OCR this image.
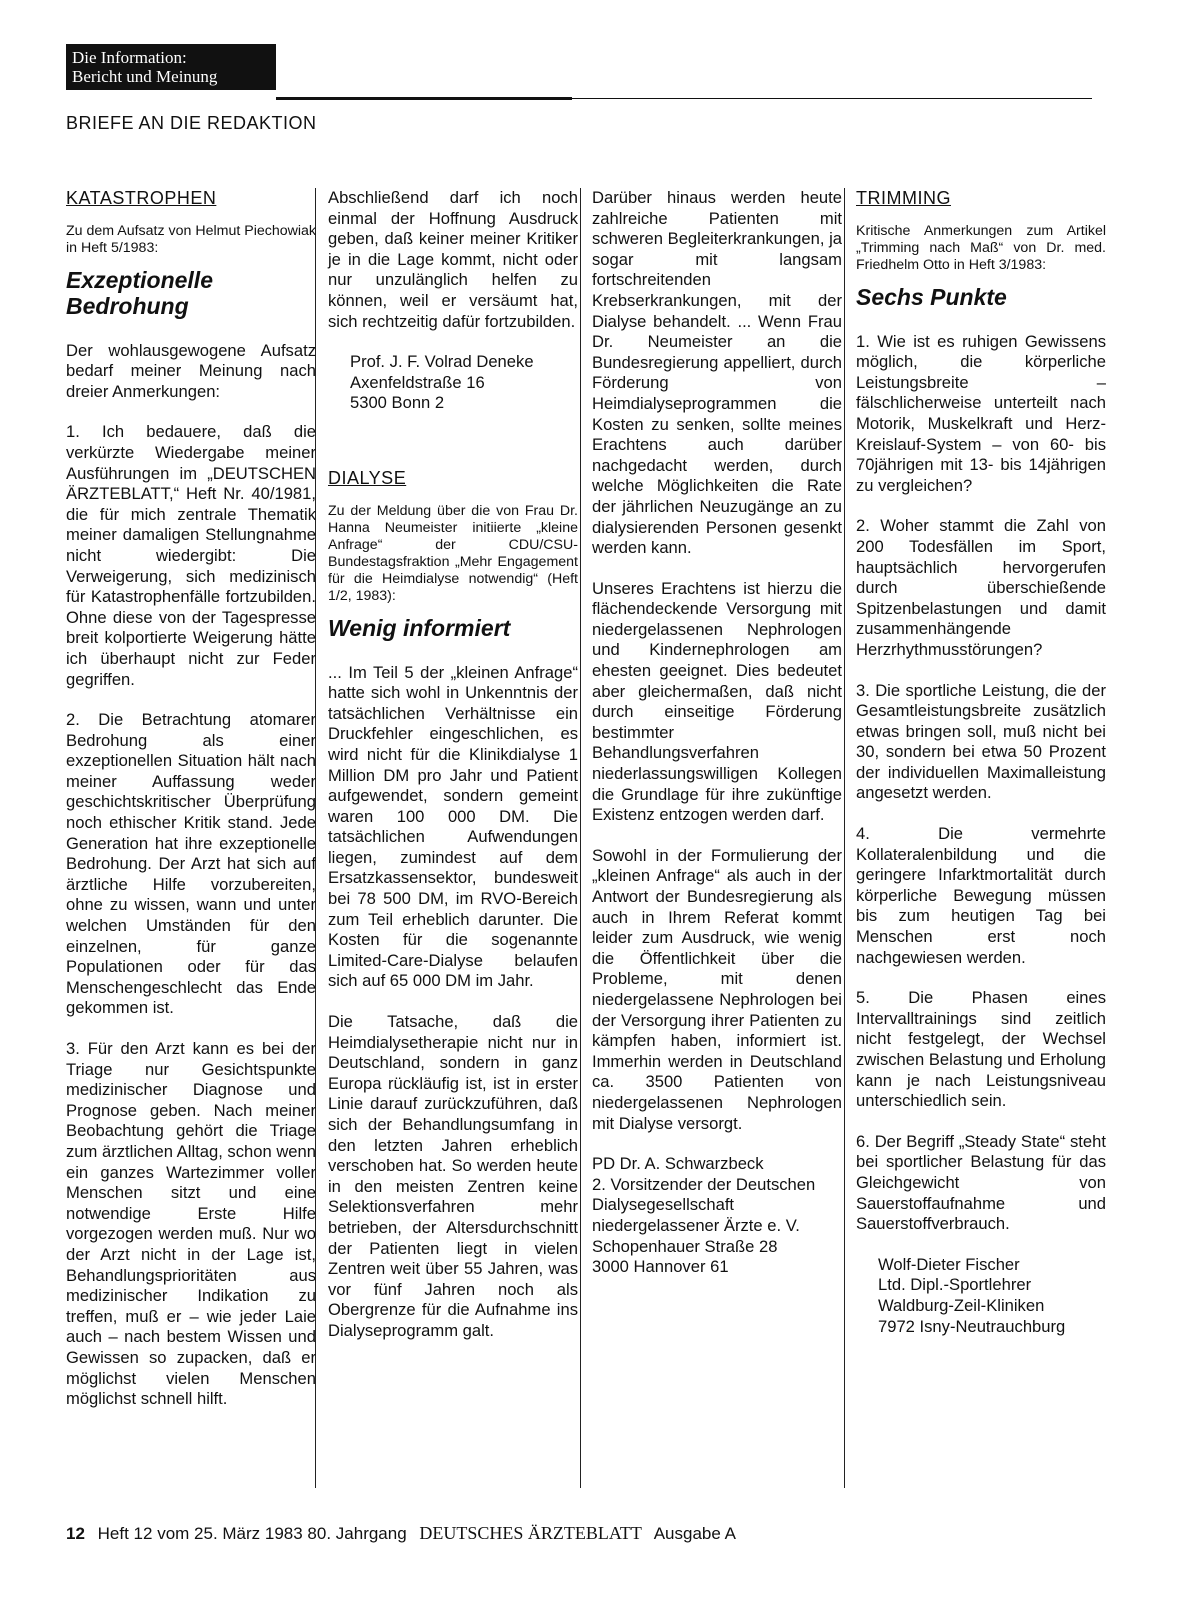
Die Information:
Bericht und Meinung
BRIEFE AN DIE REDAKTION
KATASTROPHEN
Zu dem Aufsatz von Helmut Piechowiak in Heft 5/1983:
Exzeptionelle Bedrohung

Der wohlausgewogene Aufsatz bedarf meiner Meinung nach dreier Anmerkungen:

1. Ich bedauere, daß die verkürzte Wiedergabe meiner Ausführungen im „DEUTSCHEN ÄRZTEBLATT,“ Heft Nr. 40/1981, die für mich zentrale Thematik meiner damaligen Stellungnahme nicht wiedergibt: Die Verweigerung, sich medizinisch für Katastrophenfälle fortzubilden. Ohne diese von der Tagespresse breit kolportierte Weigerung hätte ich überhaupt nicht zur Feder gegriffen.

2. Die Betrachtung atomarer Bedrohung als einer exzeptionellen Situation hält nach meiner Auffassung weder geschichtskritischer Überprüfung noch ethischer Kritik stand. Jede Generation hat ihre exzeptionelle Bedrohung. Der Arzt hat sich auf ärztliche Hilfe vorzubereiten, ohne zu wissen, wann und unter welchen Umständen für den einzelnen, für ganze Populationen oder für das Menschengeschlecht das Ende gekommen ist.

3. Für den Arzt kann es bei der Triage nur Gesichtspunkte medizinischer Diagnose und Prognose geben. Nach meiner Beobachtung gehört die Triage zum ärztlichen Alltag, schon wenn ein ganzes Wartezimmer voller Menschen sitzt und eine notwendige Erste Hilfe vorgezogen werden muß. Nur wo der Arzt nicht in der Lage ist, Behandlungsprioritäten aus medizinischer Indikation zu treffen, muß er – wie jeder Laie auch – nach bestem Wissen und Gewissen so zupacken, daß er möglichst vielen Menschen möglichst schnell hilft.

Abschließend darf ich noch einmal der Hoffnung Ausdruck geben, daß keiner meiner Kritiker je in die Lage kommt, nicht oder nur unzulänglich helfen zu können, weil er versäumt hat, sich rechtzeitig dafür fortzubilden.

Prof. J. F. Volrad Deneke
Axenfeldstraße 16
5300 Bonn 2
DIALYSE
Zu der Meldung über die von Frau Dr. Hanna Neumeister initiierte „kleine Anfrage“ der CDU/CSU-Bundestagsfraktion „Mehr Engagement für die Heimdialyse notwendig“ (Heft 1/2, 1983):
Wenig informiert

... Im Teil 5 der „kleinen Anfrage“ hatte sich wohl in Unkenntnis der tatsächlichen Verhältnisse ein Druckfehler eingeschlichen, es wird nicht für die Klinikdialyse 1 Million DM pro Jahr und Patient aufgewendet, sondern gemeint waren 100 000 DM. Die tatsächlichen Aufwendungen liegen, zumindest auf dem Ersatzkassensektor, bundesweit bei 78 500 DM, im RVO-Bereich zum Teil erheblich darunter. Die Kosten für die sogenannte Limited-Care-Dialyse belaufen sich auf 65 000 DM im Jahr.

Die Tatsache, daß die Heimdialysetherapie nicht nur in Deutschland, sondern in ganz Europa rückläufig ist, ist in erster Linie darauf zurückzuführen, daß sich der Behandlungsumfang in den letzten Jahren erheblich verschoben hat. So werden heute in den meisten Zentren keine Selektionsverfahren mehr betrieben, der Altersdurchschnitt der Patienten liegt in vielen Zentren weit über 55 Jahren, was vor fünf Jahren noch als Obergrenze für die Aufnahme ins Dialyseprogramm galt.

Darüber hinaus werden heute zahlreiche Patienten mit schweren Begleiterkrankungen, ja sogar mit langsam fortschreitenden Krebserkrankungen, mit der Dialyse behandelt. ... Wenn Frau Dr. Neumeister an die Bundesregierung appelliert, durch Förderung von Heimdialyseprogrammen die Kosten zu senken, sollte meines Erachtens auch darüber nachgedacht werden, durch welche Möglichkeiten die Rate der jährlichen Neuzugänge an zu dialysierenden Personen gesenkt werden kann.

Unseres Erachtens ist hierzu die flächendeckende Versorgung mit niedergelassenen Nephrologen und Kindernephrologen am ehesten geeignet. Dies bedeutet aber gleichermaßen, daß nicht durch einseitige Förderung bestimmter Behandlungsverfahren niederlassungswilligen Kollegen die Grundlage für ihre zukünftige Existenz entzogen werden darf.

Sowohl in der Formulierung der „kleinen Anfrage“ als auch in der Antwort der Bundesregierung als auch in Ihrem Referat kommt leider zum Ausdruck, wie wenig die Öffentlichkeit über die Probleme, mit denen niedergelassene Nephrologen bei der Versorgung ihrer Patienten zu kämpfen haben, informiert ist. Immerhin werden in Deutschland ca. 3500 Patienten von niedergelassenen Nephrologen mit Dialyse versorgt.

PD Dr. A. Schwarzbeck
2. Vorsitzender der Deutschen Dialysegesellschaft niedergelassener Ärzte e. V.
Schopenhauer Straße 28
3000 Hannover 61
TRIMMING
Kritische Anmerkungen zum Artikel „Trimming nach Maß“ von Dr. med. Friedhelm Otto in Heft 3/1983:
Sechs Punkte

1. Wie ist es ruhigen Gewissens möglich, die körperliche Leistungsbreite – fälschlicherweise unterteilt nach Motorik, Muskelkraft und Herz-Kreislauf-System – von 60- bis 70jährigen mit 13- bis 14jährigen zu vergleichen?

2. Woher stammt die Zahl von 200 Todesfällen im Sport, hauptsächlich hervorgerufen durch überschießende Spitzenbelastungen und damit zusammenhängende Herzrhythmusstörungen?

3. Die sportliche Leistung, die der Gesamtleistungsbreite zusätzlich etwas bringen soll, muß nicht bei 30, sondern bei etwa 50 Prozent der individuellen Maximalleistung angesetzt werden.

4. Die vermehrte Kollateralenbildung und die geringere Infarktmortalität durch körperliche Bewegung müssen bis zum heutigen Tag bei Menschen erst noch nachgewiesen werden.

5. Die Phasen eines Intervalltrainings sind zeitlich nicht festgelegt, der Wechsel zwischen Belastung und Erholung kann je nach Leistungsniveau unterschiedlich sein.

6. Der Begriff „Steady State“ steht bei sportlicher Belastung für das Gleichgewicht von Sauerstoffaufnahme und Sauerstoffverbrauch.

Wolf-Dieter Fischer
Ltd. Dipl.-Sportlehrer
Waldburg-Zeil-Kliniken
7972 Isny-Neutrauchburg
12 Heft 12 vom 25. März 1983 80. Jahrgang DEUTSCHES ÄRZTEBLATT Ausgabe A
